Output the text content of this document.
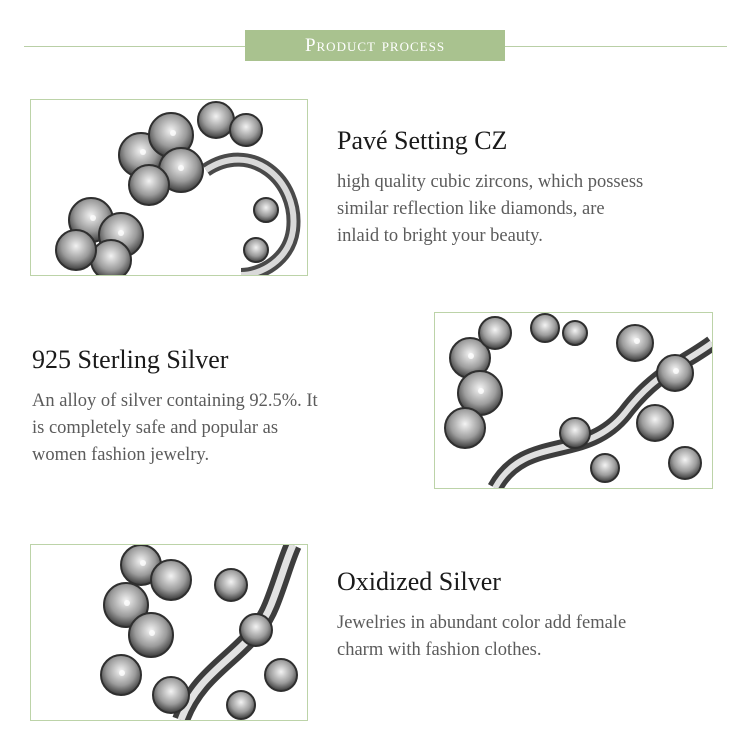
Product process
Pavé Setting CZ
high quality cubic zircons, which possess
similar reflection like diamonds, are
inlaid to bright your beauty.
925 Sterling Silver
An alloy of silver containing 92.5%. It
is completely safe and popular as
women fashion jewelry.
Oxidized Silver
Jewelries in abundant color add female
charm with fashion clothes.
